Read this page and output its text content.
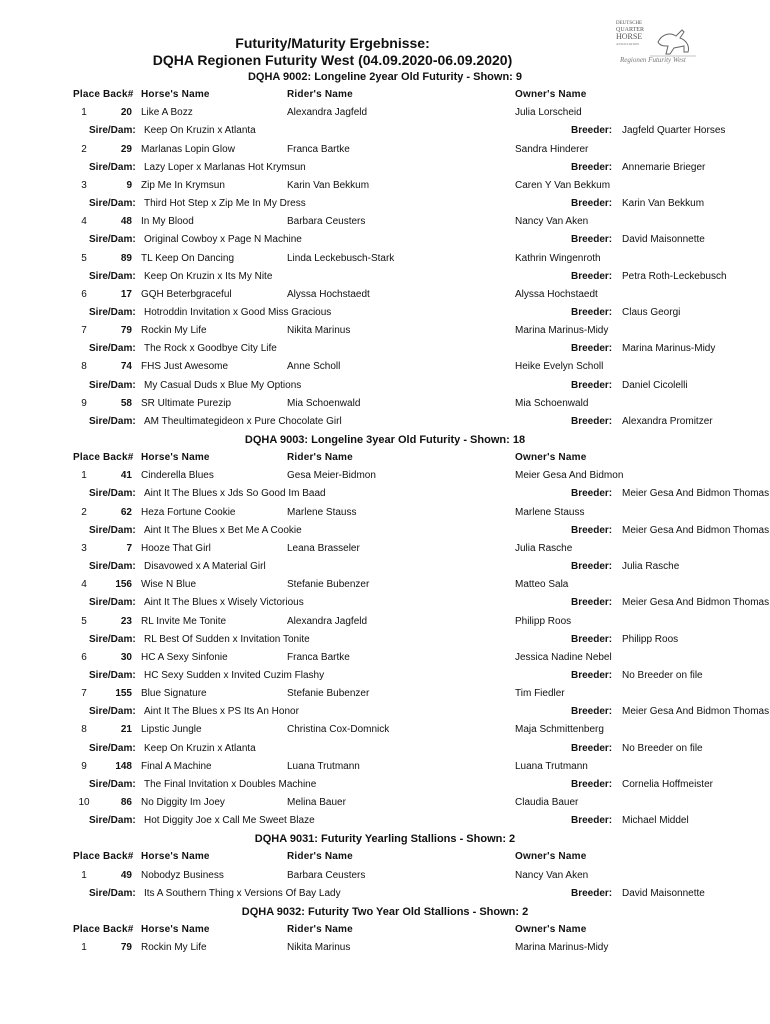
Futurity/Maturity Ergebnisse:
DQHA Regionen Futurity West (04.09.2020-06.09.2020)
DEUTSCHE
QUARTER
HORSE
ASSOCIATION
Regionen Futurity West
DQHA 9002: Longeline 2year Old Futurity - Shown: 9
Place Back# Horse's Name	Rider's Name	Owner's Name
1	20 Like A Bozz	Alexandra Jagfeld	Julia Lorscheid
Sire/Dam: Keep On Kruzin x Atlanta	Breeder: Jagfeld Quarter Horses
2	29 Marlanas Lopin Glow	Franca Bartke	Sandra Hinderer
Sire/Dam: Lazy Loper x Marlanas Hot Krymsun	Breeder: Annemarie Brieger
3	9 Zip Me In Krymsun	Karin Van Bekkum	Caren Y Van Bekkum
Sire/Dam: Third Hot Step x Zip Me In My Dress	Breeder: Karin Van Bekkum
4	48 In My Blood	Barbara Ceusters	Nancy Van Aken
Sire/Dam: Original Cowboy x Page N Machine	Breeder: David Maisonnette
5	89 TL Keep On Dancing	Linda Leckebusch-Stark	Kathrin Wingenroth
Sire/Dam: Keep On Kruzin x Its My Nite	Breeder: Petra Roth-Leckebusch
6	17 GQH Beterbgraceful	Alyssa Hochstaedt	Alyssa Hochstaedt
Sire/Dam: Hotroddin Invitation x Good Miss Gracious	Breeder: Claus Georgi
7	79 Rockin My Life	Nikita Marinus	Marina Marinus-Midy
Sire/Dam: The Rock x Goodbye City Life	Breeder: Marina Marinus-Midy
8	74 FHS Just Awesome	Anne Scholl	Heike Evelyn Scholl
Sire/Dam: My Casual Duds x Blue My Options	Breeder: Daniel Cicolelli
9	58 SR Ultimate Purezip	Mia Schoenwald	Mia Schoenwald
Sire/Dam: AM Theultimategideon x Pure Chocolate Girl	Breeder: Alexandra Promitzer
DQHA 9003: Longeline 3year Old Futurity - Shown: 18
Place Back# Horse's Name	Rider's Name	Owner's Name
1	41 Cinderella Blues	Gesa Meier-Bidmon	Meier Gesa And Bidmon
Sire/Dam: Aint It The Blues x Jds So Good Im Baad	Breeder: Meier Gesa And Bidmon Thomas
2	62 Heza Fortune Cookie	Marlene Stauss	Marlene Stauss
Sire/Dam: Aint It The Blues x Bet Me A Cookie	Breeder: Meier Gesa And Bidmon Thomas
3	7 Hooze That Girl	Leana Brasseler	Julia Rasche
Sire/Dam: Disavowed x A Material Girl	Breeder: Julia Rasche
4	156 Wise N Blue	Stefanie Bubenzer	Matteo Sala
Sire/Dam: Aint It The Blues x Wisely Victorious	Breeder: Meier Gesa And Bidmon Thomas
5	23 RL Invite Me Tonite	Alexandra Jagfeld	Philipp Roos
Sire/Dam: RL Best Of Sudden x Invitation Tonite	Breeder: Philipp Roos
6	30 HC A Sexy Sinfonie	Franca Bartke	Jessica Nadine Nebel
Sire/Dam: HC Sexy Sudden x Invited Cuzim Flashy	Breeder: No Breeder on file
7	155 Blue Signature	Stefanie Bubenzer	Tim Fiedler
Sire/Dam: Aint It The Blues x PS Its An Honor	Breeder: Meier Gesa And Bidmon Thomas
8	21 Lipstic Jungle	Christina Cox-Domnick	Maja Schmittenberg
Sire/Dam: Keep On Kruzin x Atlanta	Breeder: No Breeder on file
9	148 Final A Machine	Luana Trutmann	Luana Trutmann
Sire/Dam: The Final Invitation x Doubles Machine	Breeder: Cornelia Hoffmeister
10	86 No Diggity Im Joey	Melina Bauer	Claudia Bauer
Sire/Dam: Hot Diggity Joe x Call Me Sweet Blaze	Breeder: Michael Middel
DQHA 9031: Futurity Yearling Stallions - Shown: 2
Place Back# Horse's Name	Rider's Name	Owner's Name
1	49 Nobodyz Business	Barbara Ceusters	Nancy Van Aken
Sire/Dam: Its A Southern Thing x Versions Of Bay Lady	Breeder: David Maisonnette
DQHA 9032: Futurity Two Year Old Stallions - Shown: 2
Place Back# Horse's Name	Rider's Name	Owner's Name
1	79 Rockin My Life	Nikita Marinus	Marina Marinus-Midy
